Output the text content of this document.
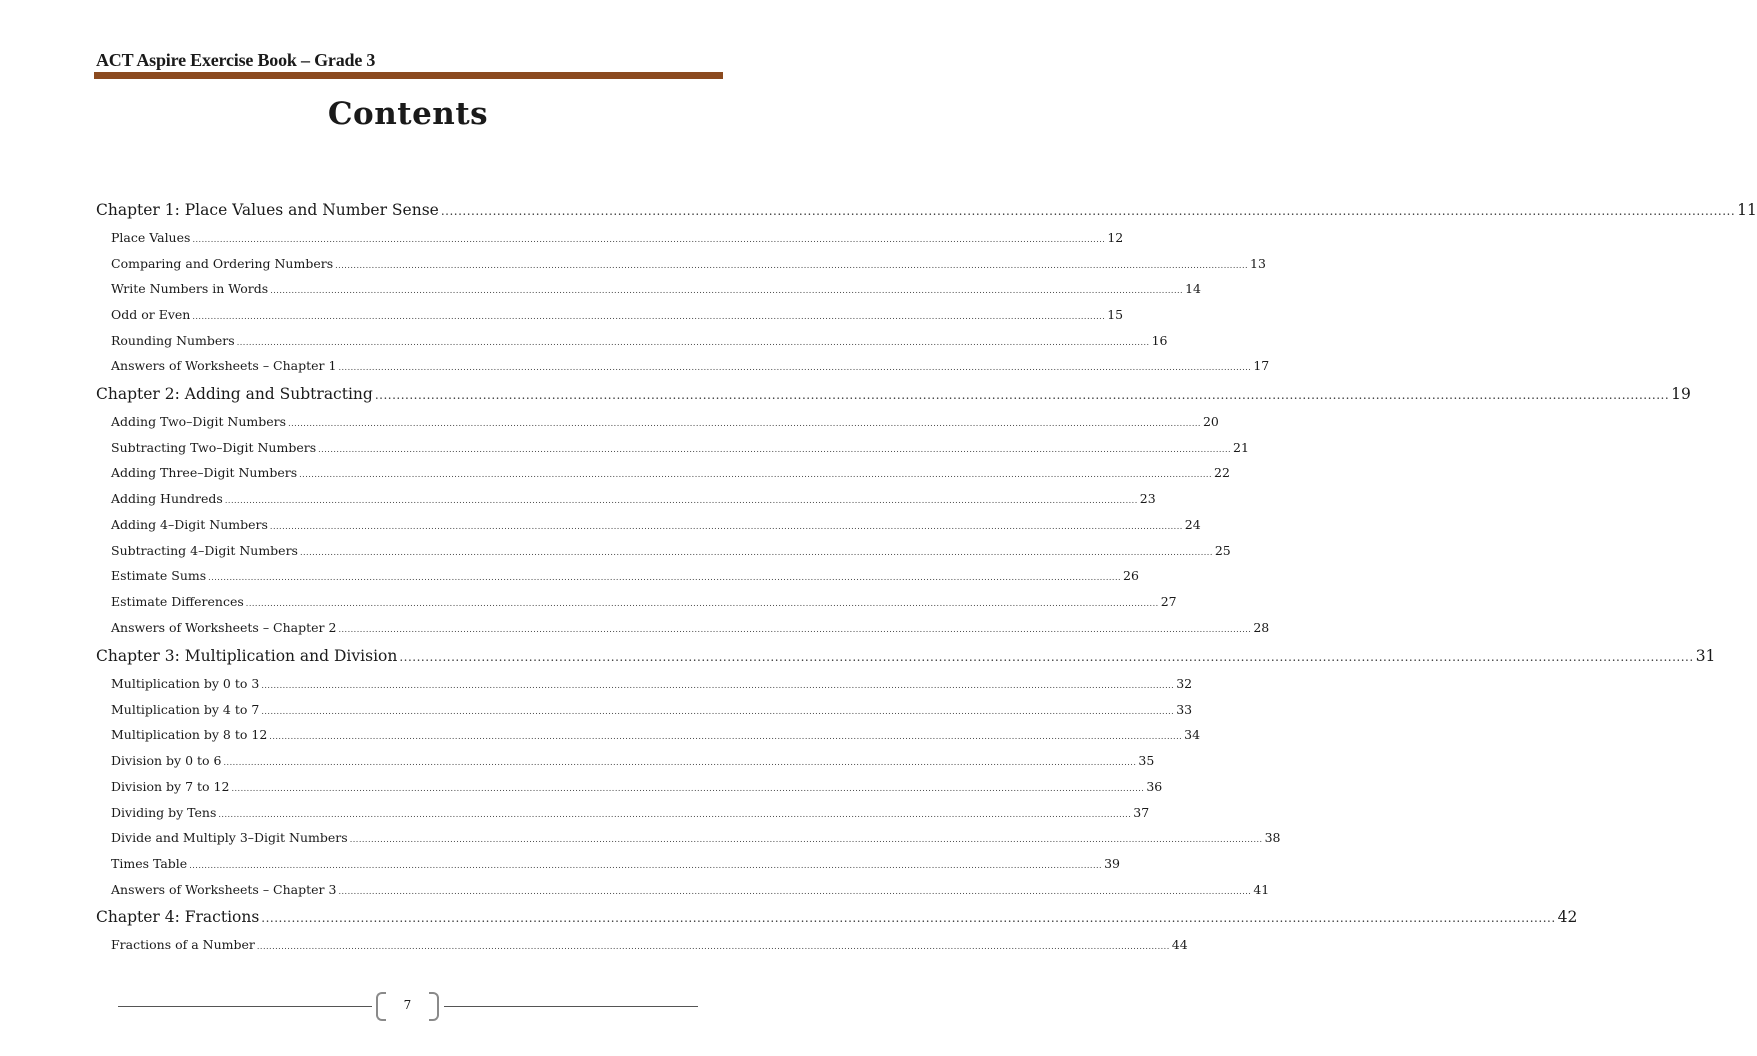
ACT Aspire Exercise Book – Grade 3
Contents
Chapter 1: Place Values and Number Sense ............................................................................................................................................................................................................................................................................................................ 11
Place Values ............................................................................................................................................................................................................................................................................................................ 12
Comparing and Ordering Numbers ............................................................................................................................................................................................................................................................................................................ 13
Write Numbers in Words ............................................................................................................................................................................................................................................................................................................ 14
Odd or Even ............................................................................................................................................................................................................................................................................................................ 15
Rounding Numbers ............................................................................................................................................................................................................................................................................................................ 16
Answers of Worksheets – Chapter 1 ............................................................................................................................................................................................................................................................................................................ 17
Chapter 2: Adding and Subtracting ............................................................................................................................................................................................................................................................................................................ 19
Adding Two–Digit Numbers ............................................................................................................................................................................................................................................................................................................ 20
Subtracting Two–Digit Numbers ............................................................................................................................................................................................................................................................................................................ 21
Adding Three–Digit Numbers ............................................................................................................................................................................................................................................................................................................ 22
Adding Hundreds ............................................................................................................................................................................................................................................................................................................ 23
Adding 4–Digit Numbers ............................................................................................................................................................................................................................................................................................................ 24
Subtracting 4–Digit Numbers ............................................................................................................................................................................................................................................................................................................ 25
Estimate Sums ............................................................................................................................................................................................................................................................................................................ 26
Estimate Differences ............................................................................................................................................................................................................................................................................................................ 27
Answers of Worksheets – Chapter 2 ............................................................................................................................................................................................................................................................................................................ 28
Chapter 3: Multiplication and Division ............................................................................................................................................................................................................................................................................................................ 31
Multiplication by 0 to 3 ............................................................................................................................................................................................................................................................................................................ 32
Multiplication by 4 to 7 ............................................................................................................................................................................................................................................................................................................ 33
Multiplication by 8 to 12 ............................................................................................................................................................................................................................................................................................................ 34
Division by 0 to 6 ............................................................................................................................................................................................................................................................................................................ 35
Division by 7 to 12 ............................................................................................................................................................................................................................................................................................................ 36
Dividing by Tens ............................................................................................................................................................................................................................................................................................................ 37
Divide and Multiply 3–Digit Numbers ............................................................................................................................................................................................................................................................................................................ 38
Times Table ............................................................................................................................................................................................................................................................................................................ 39
Answers of Worksheets – Chapter 3 ............................................................................................................................................................................................................................................................................................................ 41
Chapter 4: Fractions ............................................................................................................................................................................................................................................................................................................ 42
Fractions of a Number ............................................................................................................................................................................................................................................................................................................ 44
7
